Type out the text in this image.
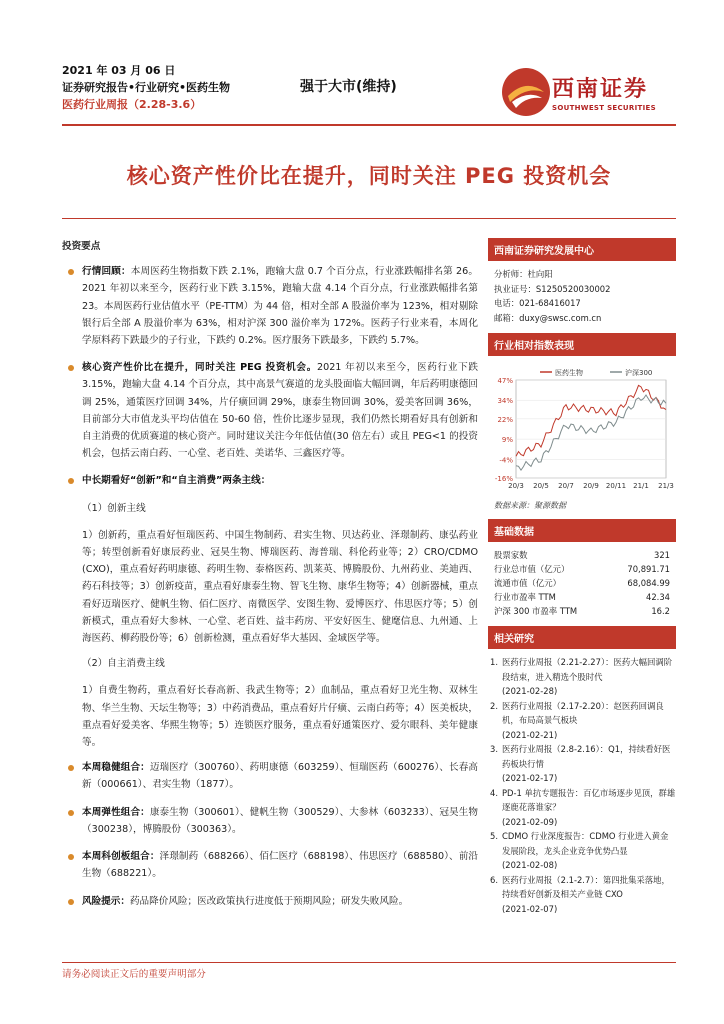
2021 年 03 月 06 日
证券研究报告•行业研究•医药生物
医药行业周报（2.28-3.6）
强于大市(维持)	西南证券
SOUTHWEST SECURITIES
核心资产性价比在提升，同时关注 PEG 投资机会
投资要点
行情回顾：本周医药生物指数下跌 2.1%，跑输大盘 0.7 个百分点，行业涨跌幅排名第 26。2021 年初以来至今，医药行业下跌 3.15%，跑输大盘 4.14 个百分点，行业涨跌幅排名第 23。本周医药行业估值水平（PE-TTM）为 44 倍，相对全部 A 股溢价率为 123%，相对剔除银行后全部 A 股溢价率为 63%，相对沪深 300 溢价率为 172%。医药子行业来看，本周化学原料药下跌最少的子行业，下跌约 0.2%。医疗服务下跌最多，下跌约 5.7%。
核心资产性价比在提升，同时关注 PEG 投资机会。2021 年初以来至今，医药行业下跌 3.15%，跑输大盘 4.14 个百分点，其中高景气赛道的龙头股面临大幅回调，年后药明康德回调 25%，通策医疗回调 34%，片仔癀回调 29%，康泰生物回调 30%，爱美客回调 36%，目前部分大市值龙头平均估值在 50-60 倍，性价比逐步显现，我们仍然长期看好具有创新和自主消费的优质赛道的核心资产。同时建议关注今年低估值(30 倍左右）或且 PEG<1 的投资机会，包括云南白药、一心堂、老百姓、美诺华、三鑫医疗等。
中长期看好“创新”和“自主消费”两条主线：
（1）创新主线
1）创新药，重点看好恒瑞医药、中国生物制药、君实生物、贝达药业、泽璟制药、康弘药业等；转型创新看好康辰药业、冠昊生物、博瑞医药、海普瑞、科伦药业等；2）CRO/CDMO (CXO)，重点看好药明康德、药明生物、泰格医药、凯莱英、博腾股份、九州药业、美迪西、药石科技等；3）创新疫苗，重点看好康泰生物、智飞生物、康华生物等；4）创新器械，重点看好迈瑞医疗、健帆生物、佰仁医疗、南微医学、安图生物、爱博医疗、伟思医疗等；5）创新模式，重点看好大参林、一心堂、老百姓、益丰药房、平安好医生、健麾信息、九州通、上海医药、柳药股份等；6）创新检测，重点看好华大基因、金域医学等。
（2）自主消费主线
1）自费生物药，重点看好长春高新、我武生物等；2）血制品，重点看好卫光生物、双林生物、华兰生物、天坛生物等；3）中药消费品，重点看好片仔癀、云南白药等；4）医美板块，重点看好爱美客、华熙生物等；5）连锁医疗服务，重点看好通策医疗、爱尔眼科、美年健康等。
本周稳健组合：迈瑞医疗（300760）、药明康德（603259）、恒瑞医药（600276）、长春高新（000661）、君实生物（1877）。
本周弹性组合：康泰生物（300601）、健帆生物（300529）、大参林（603233）、冠昊生物（300238），博腾股份（300363）。
本周科创板组合：泽璟制药（688266）、佰仁医疗（688198）、伟思医疗（688580）、前沿生物（688221）。
风险提示：药品降价风险；医改政策执行进度低于预期风险；研发失败风险。
西南证券研究发展中心
分析师：杜向阳
执业证号：S1250520030002
电话：021-68416017
邮箱：duxy@swsc.com.cn
行业相对指数表现
47%
34%
22%
9%
-4%
-16%
20/3 20/5 20/7 20/9 20/11 21/1 21/3
医药生物	沪深300
数据来源：聚源数据
基础数据
股票家数	321
行业总市值（亿元）	70,891.71
流通市值（亿元）	68,084.99
行业市盈率 TTM	42.34
沪深 300 市盈率 TTM	16.2
相关研究
1. 医药行业周报（2.21-2.27）：医药大幅回调阶段结束，进入精选个股时代
(2021-02-28)
2. 医药行业周报（2.17-2.20）：赵医药回调良机，布局高景气板块
(2021-02-21)
3. 医药行业周报（2.8-2.16）：Q1，持续看好医药板块行情
(2021-02-17)
4. PD-1 单抗专题报告：百亿市场逐步见顶，群雄逐鹿花落谁家？
(2021-02-09)
5. CDMO 行业深度报告：CDMO 行业进入黄金发展阶段，龙头企业竞争优势凸显
(2021-02-08)
6. 医药行业周报（2.1-2.7）：第四批集采落地，持续看好创新及相关产业链 CXO
(2021-02-07)
请务必阅读正文后的重要声明部分
